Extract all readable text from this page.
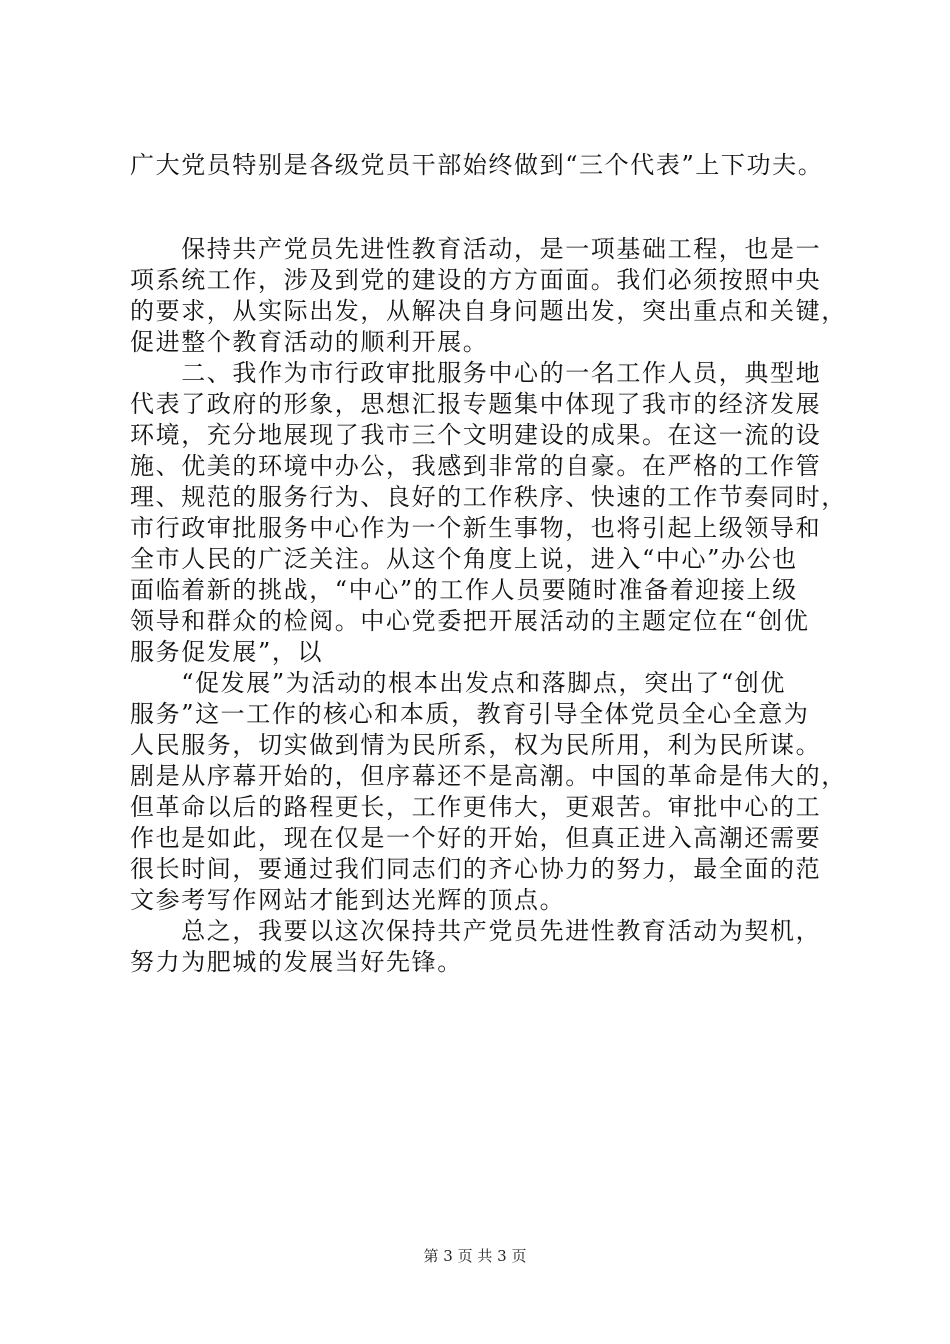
广大党员特别是各级党员干部始终做到“三个代表”上下功夫。
　　保持共产党员先进性教育活动，是一项基础工程，也是一
项系统工作，涉及到党的建设的方方面面。我们必须按照中央
的要求，从实际出发，从解决自身问题出发，突出重点和关键，
促进整个教育活动的顺利开展。
　　二、我作为市行政审批服务中心的一名工作人员，典型地
代表了政府的形象，思想汇报专题集中体现了我市的经济发展
环境，充分地展现了我市三个文明建设的成果。在这一流的设
施、优美的环境中办公，我感到非常的自豪。在严格的工作管
理、规范的服务行为、良好的工作秩序、快速的工作节奏同时，
市行政审批服务中心作为一个新生事物，也将引起上级领导和
全市人民的广泛关注。从这个角度上说，进入“中心”办公也
面临着新的挑战，“中心”的工作人员要随时准备着迎接上级
领导和群众的检阅。中心党委把开展活动的主题定位在“创优
服务促发展”，以
　　“促发展”为活动的根本出发点和落脚点，突出了“创优
服务”这一工作的核心和本质，教育引导全体党员全心全意为
人民服务，切实做到情为民所系，权为民所用，利为民所谋。
剧是从序幕开始的，但序幕还不是高潮。中国的革命是伟大的，
但革命以后的路程更长，工作更伟大，更艰苦。审批中心的工
作也是如此，现在仅是一个好的开始，但真正进入高潮还需要
很长时间，要通过我们同志们的齐心协力的努力，最全面的范
文参考写作网站才能到达光辉的顶点。
　　总之，我要以这次保持共产党员先进性教育活动为契机，
努力为肥城的发展当好先锋。
第 3 页 共 3 页
